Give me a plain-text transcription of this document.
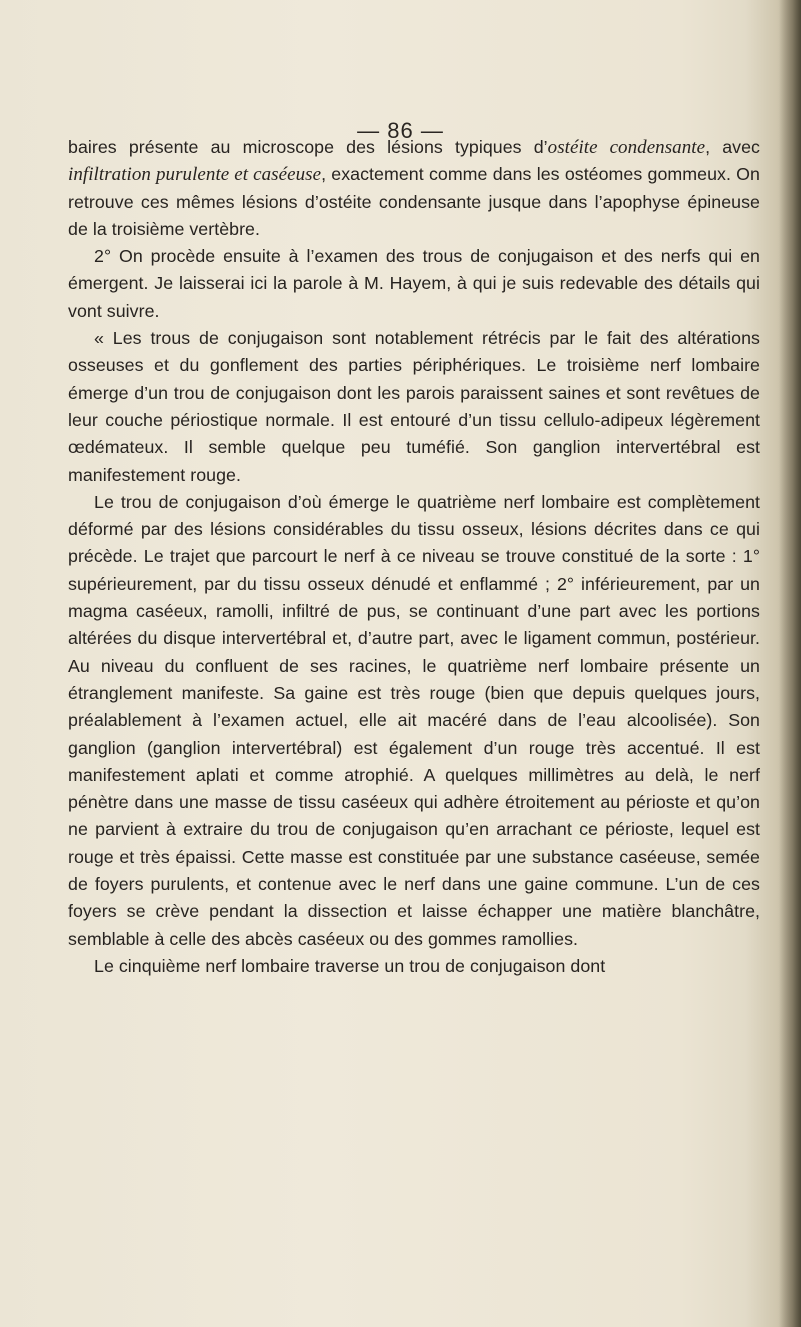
— 86 —

baires présente au microscope des lésions typiques d’ostéite condensante, avec infiltration purulente et caséeuse, exactement comme dans les ostéomes gommeux. On retrouve ces mêmes lésions d’ostéite condensante jusque dans l’apophyse épineuse de la troisième vertèbre.

2° On procède ensuite à l’examen des trous de conjugaison et des nerfs qui en émergent. Je laisserai ici la parole à M. Hayem, à qui je suis redevable des détails qui vont suivre.

« Les trous de conjugaison sont notablement rétrécis par le fait des altérations osseuses et du gonflement des parties périphériques. Le troisième nerf lombaire émerge d’un trou de conjugaison dont les parois paraissent saines et sont revêtues de leur couche périostique normale. Il est entouré d’un tissu cellulo-adipeux légèrement œdémateux. Il semble quelque peu tuméfié. Son ganglion intervertébral est manifestement rouge.

Le trou de conjugaison d’où émerge le quatrième nerf lombaire est complètement déformé par des lésions considérables du tissu osseux, lésions décrites dans ce qui précède. Le trajet que parcourt le nerf à ce niveau se trouve constitué de la sorte : 1° supérieurement, par du tissu osseux dénudé et enflammé ; 2° inférieurement, par un magma caséeux, ramolli, infiltré de pus, se continuant d’une part avec les portions altérées du disque intervertébral et, d’autre part, avec le ligament commun, postérieur. Au niveau du confluent de ses racines, le quatrième nerf lombaire présente un étranglement manifeste. Sa gaine est très rouge (bien que depuis quelques jours, préalablement à l’examen actuel, elle ait macéré dans de l’eau alcoolisée). Son ganglion (ganglion intervertébral) est également d’un rouge très accentué. Il est manifestement aplati et comme atrophié. A quelques millimètres au delà, le nerf pénètre dans une masse de tissu caséeux qui adhère étroitement au périoste et qu’on ne parvient à extraire du trou de conjugaison qu’en arrachant ce périoste, lequel est rouge et très épaissi. Cette masse est constituée par une substance caséeuse, semée de foyers purulents, et contenue avec le nerf dans une gaine commune. L’un de ces foyers se crève pendant la dissection et laisse échapper une matière blanchâtre, semblable à celle des abcès caséeux ou des gommes ramollies.

Le cinquième nerf lombaire traverse un trou de conjugaison dont
